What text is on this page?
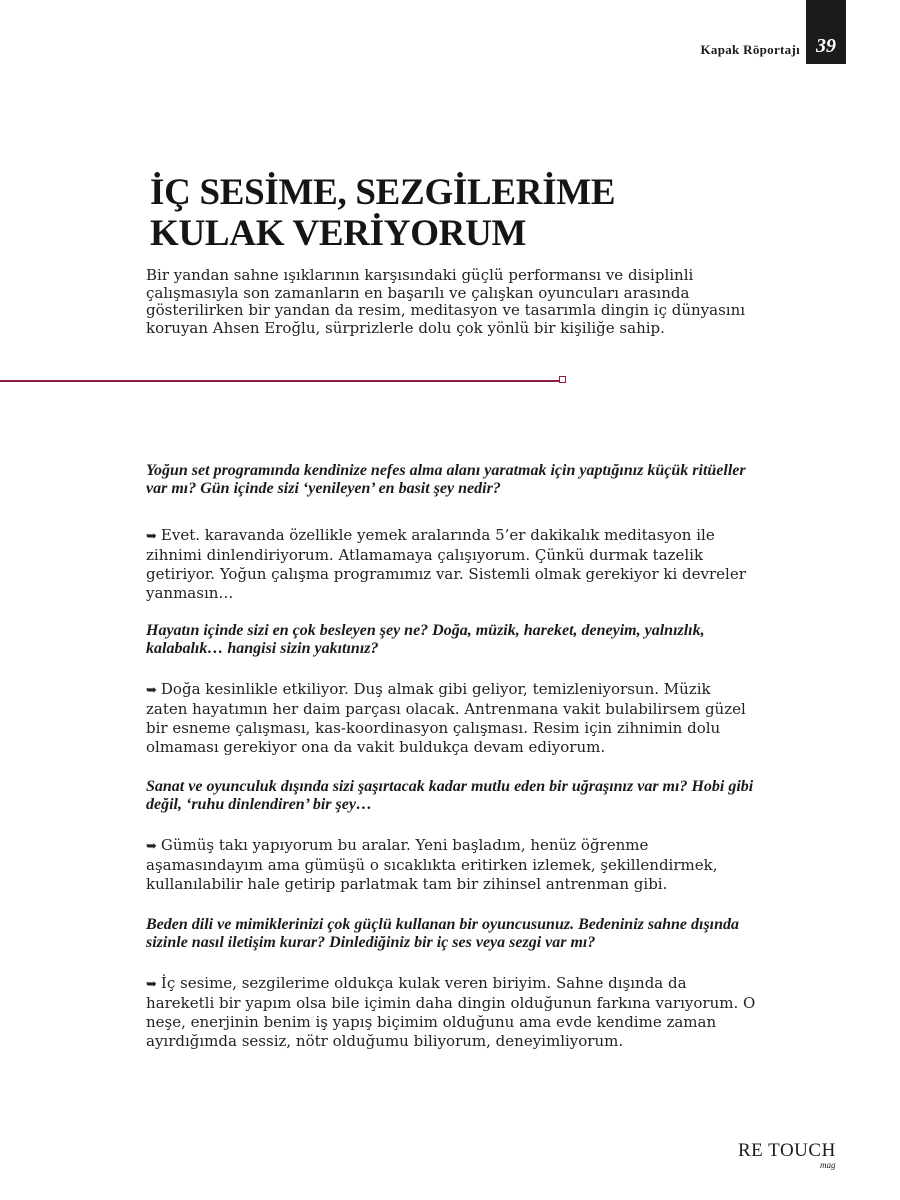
Kapak Röportajı 39
İÇ SESİME, SEZGİLERİME
KULAK VERİYORUM

Bir yandan sahne ışıklarının karşısındaki güçlü performansı ve disiplinli çalışmasıyla son zamanların en başarılı ve çalışkan oyuncuları arasında gösterilirken bir yandan da resim, meditasyon ve tasarımla dingin iç dünyasını koruyan Ahsen Eroğlu, sürprizlerle dolu çok yönlü bir kişiliğe sahip.

Yoğun set programında kendinize nefes alma alanı yaratmak için yaptığınız küçük ritüeller var mı? Gün içinde sizi ‘yenileyen’ en basit şey nedir?

➥ Evet. karavanda özellikle yemek aralarında 5’er dakikalık meditasyon ile zihnimi dinlendiriyorum. Atlamamaya çalışıyorum. Çünkü durmak tazelik getiriyor. Yoğun çalışma programımız var. Sistemli olmak gerekiyor ki devreler yanmasın…

Hayatın içinde sizi en çok besleyen şey ne? Doğa, müzik, hareket, deneyim, yalnızlık, kalabalık… hangisi sizin yakıtınız?

➥ Doğa kesinlikle etkiliyor. Duş almak gibi geliyor, temizleniyorsun. Müzik zaten hayatımın her daim parçası olacak. Antrenmana vakit bulabilirsem güzel bir esneme çalışması, kas-koordinasyon çalışması. Resim için zihnimin dolu olmaması gerekiyor ona da vakit buldukça devam ediyorum.

Sanat ve oyunculuk dışında sizi şaşırtacak kadar mutlu eden bir uğraşınız var mı? Hobi gibi değil, ‘ruhu dinlendiren’ bir şey…

➥ Gümüş takı yapıyorum bu aralar. Yeni başladım, henüz öğrenme aşamasındayım ama gümüşü o sıcaklıkta eritirken izlemek, şekillendirmek, kullanılabilir hale getirip parlatmak tam bir zihinsel antrenman gibi.

Beden dili ve mimiklerinizi çok güçlü kullanan bir oyuncusunuz. Bedeniniz sahne dışında sizinle nasıl iletişim kurar? Dinlediğiniz bir iç ses veya sezgi var mı?

➥ İç sesime, sezgilerime oldukça kulak veren biriyim. Sahne dışında da hareketli bir yapım olsa bile içimin daha dingin olduğunun farkına varıyorum. O neşe, enerjinin benim iş yapış biçimim olduğunu ama evde kendime zaman ayırdığımda sessiz, nötr olduğumu biliyorum, deneyimliyorum.

RE TOUCH
mag
